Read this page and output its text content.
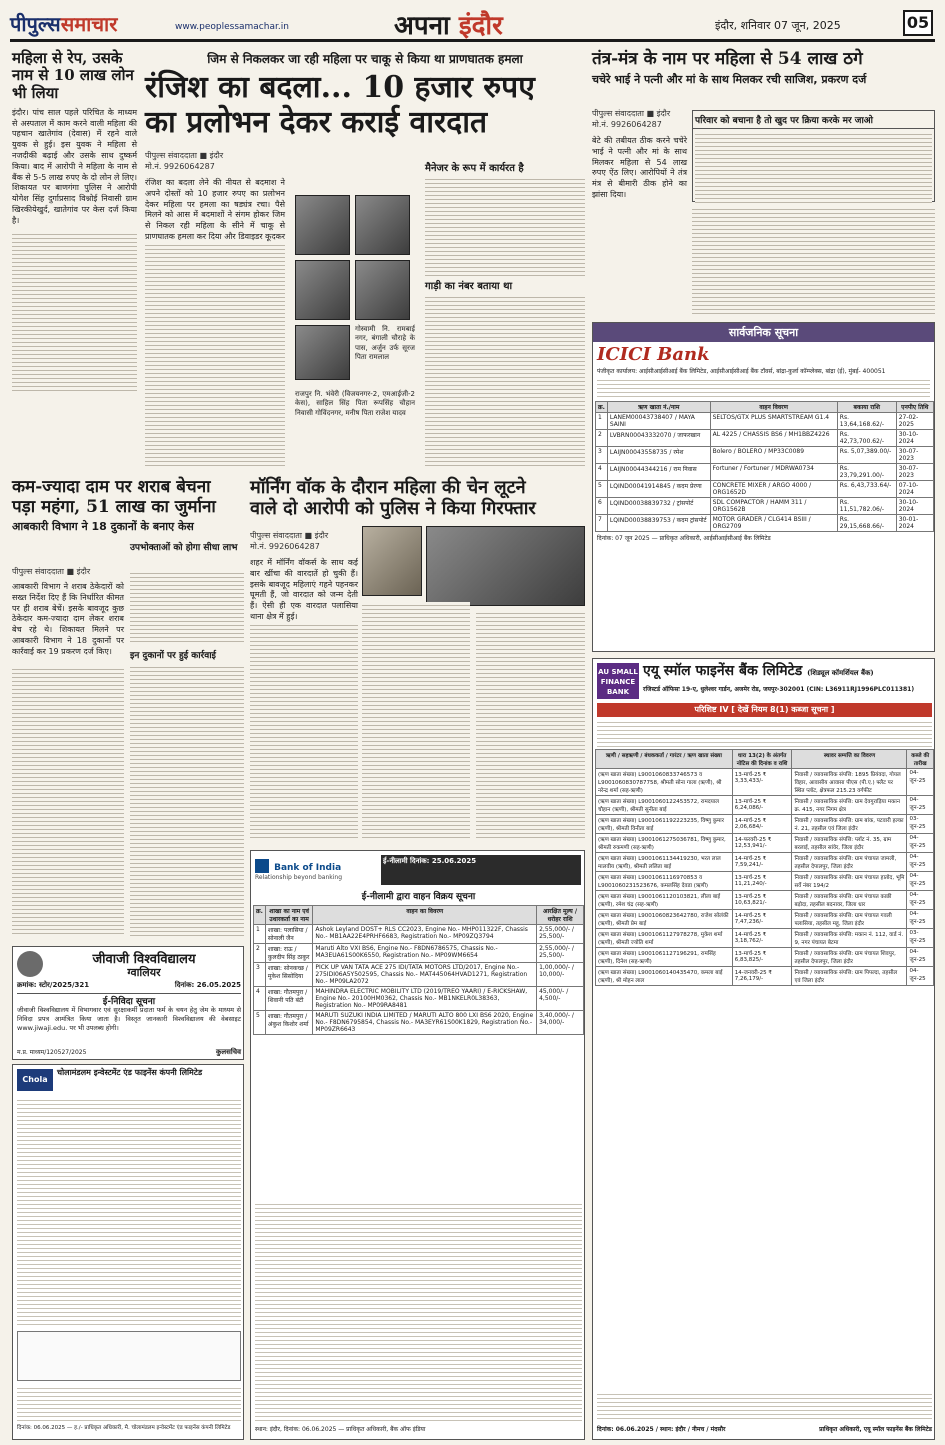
पीपुल्ससमाचार	www.peoplessamachar.in	अपना इंदौर	इंदौर, शनिवार 07 जून, 2025	05
महिला से रेप, उसके नाम से 10 लाख लोन भी लिया
इंदौर। पांच साल पहले परिचित के माध्यम से अस्पताल में काम करने वाली महिला की पहचान खातेगांव (देवास) में रहने वाले युवक से हुई। इस युवक ने महिला से नजदीकी बढ़ाई और उसके साथ दुष्कर्म किया। बाद में आरोपी ने महिला के नाम से बैंक से 5-5 लाख रुपए के दो लोन ले लिए। शिकायत पर बाणगंगा पुलिस ने आरोपी योगेश सिंह दुर्गाप्रसाद विश्नोई निवासी ग्राम खिरकीयेखुर्द, खातेगांव पर केस दर्ज किया है।
जिम से निकलकर जा रही महिला पर चाकू से किया था प्राणघातक हमला
रंजिश का बदला... 10 हजार रुपए
का प्रलोभन देकर कराई वारदात
पीपुल्स संवाददाता ■ इंदौर
मो.नं. 9926064287
रंजिश का बदला लेने की नीयत से बदमाश ने अपने दोस्तों को 10 हजार रुपए का प्रलोभन देकर महिला पर हमला का षड्यंत्र रचा। पैसे मिलने को आस में बदमाशों ने संगम होकर जिम से निकल रही महिला के सीने में चाकू से प्राणघातक हमला कर दिया और डिवाइडर कूदकर
गोस्वामी नि. रामबाई नगर, बंगाली चौराहे के पास, अर्जुन उर्फ सूरज पिता रामलाल
राजपुर नि. भंवेरी (विजयनगर-2, एमआईजी-2 केस), साहिल सिंह पिता रूपसिंह चौहान निवासी गोविंदनगर, मनीष पिता राजेश यादव
मैनेजर के रूप में कार्यरत है
गाड़ी का नंबर बताया था
तंत्र-मंत्र के नाम पर महिला से 54 लाख ठगे
चचेरे भाई ने पत्नी और मां के साथ मिलकर रची साजिश, प्रकरण दर्ज
पीपुल्स संवाददाता ■ इंदौर
मो.नं. 9926064287
बेटे की तबीयत ठीक करने चचेरे भाई ने पत्नी और मां के साथ मिलकर महिला से 54 लाख रुपए ऐंठ लिए। आरोपियों ने तंत्र मंत्र से बीमारी ठीक होने का झांसा दिया।
परिवार को बचाना है तो खुद पर क्रिया करके मर जाओ
सार्वजनिक सूचना
ICICI Bank
पंजीकृत कार्यालय: आईसीआईसीआई बैंक लिमिटेड, आईसीआईसीआई बैंक टॉवर्स, बांद्रा-कुर्ला कॉम्प्लेक्स, बांद्रा (ई), मुंबई- 400051
क्र.	ऋण खाता नं./नाम	वाहन विवरण	बकाया राशि	एनपीए तिथि
1	LANEM00043738407 / MAYA SAINI	SELTOS/GTX PLUS SMARTSTREAM G1.4	Rs. 13,64,168.62/-	27-02-2025
2	LVBRN00043332070 / जाफरखान	AL 4225 / CHASSIS BS6 / MH1BBZ4226	Rs. 42,73,700.62/-	30-10-2024
3	LAIJN00043558735 / रमेश	Bolero / BOLERO / MP33C0089	Rs. 5,07,389.00/-	30-07-2023
4	LAIJN00044344216 / राम निवास	Fortuner / Fortuner / MDRWA0734	Rs. 23,79,291.00/-	30-07-2023
5	LQIND00041914845 / कदम प्रेरणा	CONCRETE MIXER / ARGO 4000 / ORG1652D	Rs. 6,43,733.64/-	07-10-2024
6	LQIND00038839732 / ट्रांसपोर्ट	SDL COMPACTOR / HAMM 311 / ORG1562B	Rs. 11,51,782.06/-	30-10-2024
7	LQIND00038839753 / कदम ट्रांसपोर्ट	MOTOR GRADER / CLG414 BSIII / ORG2709	Rs. 29,15,668.66/-	30-01-2024
दिनांक: 07 जून 2025 — प्राधिकृत अधिकारी, आईसीआईसीआई बैंक लिमिटेड
कम-ज्यादा दाम पर शराब बेचना
पड़ा महंगा, 51 लाख का जुर्माना
आबकारी विभाग ने 18 दुकानों के बनाए केस
पीपुल्स संवाददाता ■ इंदौर
आबकारी विभाग ने शराब ठेकेदारों को सख्त निर्देश दिए हैं कि निर्धारित कीमत पर ही शराब बेचें। इसके बावजूद कुछ ठेकेदार कम-ज्यादा दाम लेकर शराब बेच रहे थे। शिकायत मिलने पर आबकारी विभाग ने 18 दुकानों पर कार्रवाई कर 19 प्रकरण दर्ज किए।
उपभोक्ताओं को होगा सीधा लाभ
इन दुकानों पर हुई कार्रवाई
मॉर्निंग वॉक के दौरान महिला की चेन लूटने
वाले दो आरोपी को पुलिस ने किया गिरफ्तार
पीपुल्स संवाददाता ■ इंदौर
मो.नं. 9926064287
शहर में मॉर्निंग वॉकर्स के साथ कई बार खींचा की वारदातें हो चुकी हैं। इसके बावजूद महिलाएं गहने पहनकर घूमती हैं, जो वारदात को जन्म देती हैं। ऐसी ही एक वारदात पलासिया थाना क्षेत्र में हुई।
Bank of India
Relationship beyond banking
ई-नीलामी दिनांक: 25.06.2025
ई-नीलामी द्वारा वाहन विक्रय सूचना
क्र.	शाखा का नाम एवं उधारकर्ता का नाम	वाहन का विवरण	आरक्षित मूल्य / धरोहर राशि
1	शाखा: पलासिया / सोनाली जैन	Ashok Leyland DOST+ RLS CC2023, Engine No.- MHP011322F, Chassis No.- MB1AA22E4PRHF6683, Registration No.- MP09ZQ3794	2,55,000/- / 25,500/-
2	शाखा: राऊ / कुलदीप सिंह ठाकुर	Maruti Alto VXI BS6, Engine No.- F8DN6786575, Chassis No.- MA3EUA61S00K6550, Registration No.- MP09WM6654	2,55,000/- / 25,500/-
3	शाखा: सोनकच्छ / मुकेश सिसोदिया	PICK UP VAN TATA ACE 275 IDI/TATA MOTORS LTD/2017, Engine No.- 275IDI06A5Y502595, Chassis No.- MAT445064HVAD1271, Registration No.- MP09LA2072	1,00,000/- / 10,000/-
4	शाखा: गौतमपुरा / शिवानी पति बंटी	MAHINDRA ELECTRIC MOBILITY LTD (2019/TREO YAARI) / E-RICKSHAW, Engine No.- 20100HM0362, Chassis No.- MB1NKELR0L38363, Registration No.- MP09RA8481	45,000/- / 4,500/-
5	शाखा: गौतमपुरा / अंकुश किशोर शर्मा	MARUTI SUZUKI INDIA LIMITED / MARUTI ALTO 800 LXI BS6 2020, Engine No.- F8DN6795854, Chassis No.- MA3EYR61S00K1829, Registration No.- MP09ZR6643	3,40,000/- / 34,000/-
स्थान: इंदौर, दिनांक: 06.06.2025 — प्राधिकृत अधिकारी, बैंक ऑफ इंडिया
जीवाजी विश्वविद्यालय
ग्वालियर
क्रमांक: स्टोर/2025/321	दिनांक: 26.05.2025
ई-निविदा सूचना
जीवाजी विश्वविद्यालय में विभागवार एवं सुरक्षाकर्मी प्रदाता फर्म के चयन हेतु जेम के माध्यम से निविदा प्रपत्र आमंत्रित किया जाता है। विस्तृत जानकारी विश्वविद्यालय की वेबसाइट www.jiwaji.edu. पर भी उपलब्ध होगी।
म.प्र. माध्यम/120527/2025	कुलसचिव
Chola
चोलामंडलम इन्वेस्टमेंट एंड फाइनेंस कंपनी लिमिटेड
दिनांक: 06.06.2025 — ह./- प्राधिकृत अधिकारी, मै. चोलामंडलम इन्वेस्टमेंट एंड फाइनेंस कंपनी लिमिटेड
AU SMALL FINANCE BANK
एयू स्मॉल फाइनेंस बैंक लिमिटेड (शिड्यूल कॉमर्शियल बैंक)
रजिस्टर्ड ऑफिसः 19-ए, धुलेश्वर गार्डन, अजमेर रोड, जयपुर-302001 (CIN: L36911RJ1996PLC011381)
परिशिष्ट IV [ देखें नियम 8(1) कब्जा सूचना ]
ऋणी / सहऋणी / बंधककर्ता / गारंटर / ऋण खाता संख्या	धारा 13(2) के अंतर्गत नोटिस की दिनांक व राशि	स्थावर सम्पत्ति का विवरण	कब्जे की तारीख
(ऋण खाता संख्या) L9001060833746573 व L9001060830787758, श्रीमती सोना गाला (ऋणी), श्री नरेन्द्र शर्मा (सह-ऋणी)	13-मार्च-25 ₹ 3,33,433/-	निवासी / व्यावसायिक संपत्ति: 1895 प्रियंवदा, गोयल विहार, आवासीय आवासा पीएस (पी.ए.) फ्लैट पर स्थित प्लॉट, क्षेत्रफल 215.23 वर्गफीट	04-जून-25
(ऋण खाता संख्या) L9001060122453572, रामदयाल चौहान (ऋणी), श्रीमती सुनीता बाई	13-मार्च-25 ₹ 6,24,086/-	निवासी / व्यावसायिक संपत्ति: ग्राम देवगुराड़िया मकान क्र. 415, नगर निगम क्षेत्र	04-जून-25
(ऋण खाता संख्या) L9001061192223235, विष्णु कुमार (ऋणी), श्रीमती विनीता बाई	14-मार्च-25 ₹ 2,06,684/-	निवासी / व्यावसायिक संपत्ति: ग्राम बांक, पटवारी हल्का नं. 21, तहसील एवं जिला इंदौर	03-जून-25
(ऋण खाता संख्या) L9001061275036781, विष्णु कुमार, श्रीमती रुकमणी (सह-ऋणी)	14-फरवरी-25 ₹ 12,53,941/-	निवासी / व्यावसायिक संपत्ति: प्लॉट नं. 35, ग्राम बरलाई, तहसील सांवेर, जिला इंदौर	04-जून-25
(ऋण खाता संख्या) L9001061134419230, भरत लाल मालवीय (ऋणी), श्रीमती ललिता बाई	14-मार्च-25 ₹ 7,59,241/-	निवासी / व्यावसायिक संपत्ति: ग्राम पंचायत जामली, तहसील देपालपुर, जिला इंदौर	04-जून-25
(ऋण खाता संख्या) L9001061116970853 व L9001060231523676, कमलसिंह देवडा (ऋणी)	13-मार्च-25 ₹ 11,21,240/-	निवासी / व्यावसायिक संपत्ति: ग्राम पंचायत हातोद, भूमि सर्वे नंबर 194/2	04-जून-25
(ऋण खाता संख्या) L9001061120103821, लीला बाई (ऋणी), रमेश चंद्र (सह-ऋणी)	13-मार्च-25 ₹ 10,63,821/-	निवासी / व्यावसायिक संपत्ति: ग्राम पंचायत काछी बड़ोदा, तहसील बदनावर, जिला धार	04-जून-25
(ऋण खाता संख्या) L9001060823642780, राजेश सोलंकी (ऋणी), श्रीमती प्रेम बाई	14-मार्च-25 ₹ 7,47,236/-	निवासी / व्यावसायिक संपत्ति: ग्राम पंचायत गवली पलासिया, तहसील महू, जिला इंदौर	04-जून-25
(ऋण खाता संख्या) L9001061127978278, मुकेश शर्मा (ऋणी), श्रीमती ज्योति शर्मा	14-मार्च-25 ₹ 3,18,762/-	निवासी / व्यावसायिक संपत्ति: मकान नं. 112, वार्ड नं. 9, नगर पंचायत बेटमा	03-जून-25
(ऋण खाता संख्या) L9001061127196291, रामसिंह (ऋणी), दिनेश (सह-ऋणी)	13-मार्च-25 ₹ 6,83,825/-	निवासी / व्यावसायिक संपत्ति: ग्राम पंचायत शिवपुर, तहसील देपालपुर, जिला इंदौर	04-जून-25
(ऋण खाता संख्या) L9001060140435470, कमला बाई (ऋणी), श्री मोहन लाल	14-जनवरी-25 ₹ 7,26,179/-	निवासी / व्यावसायिक संपत्ति: ग्राम पिपल्दा, तहसील एवं जिला इंदौर	04-जून-25
दिनांक: 06.06.2025 / स्थान: इंदौर / नीमच / मंदसौर	प्राधिकृत अधिकारी, एयू स्मॉल फाइनेंस बैंक लिमिटेड
